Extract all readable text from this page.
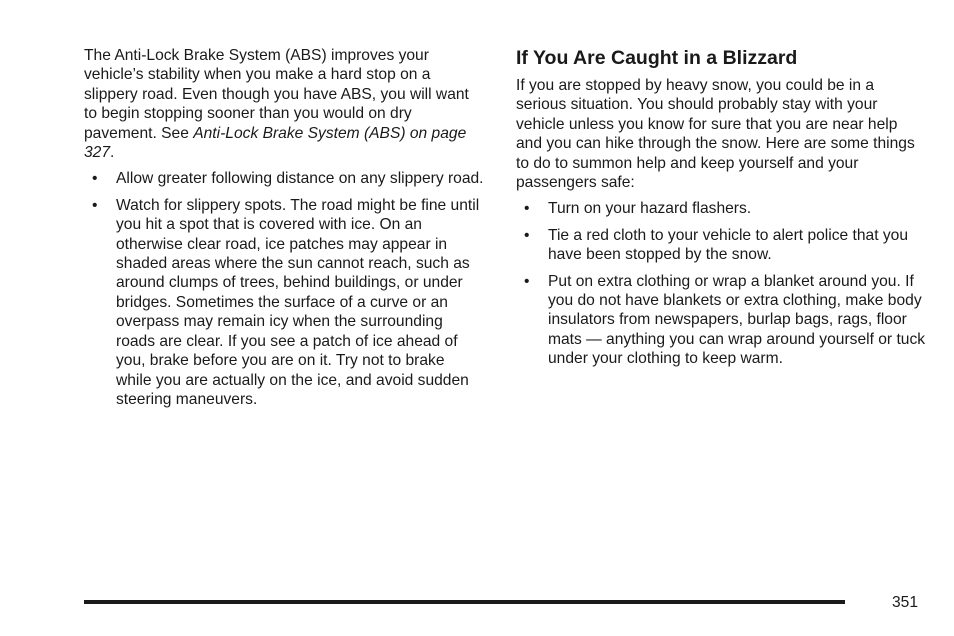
The Anti-Lock Brake System (ABS) improves your vehicle’s stability when you make a hard stop on a slippery road. Even though you have ABS, you will want to begin stopping sooner than you would on dry pavement. See Anti-Lock Brake System (ABS) on page 327.

• Allow greater following distance on any slippery road.
• Watch for slippery spots. The road might be fine until you hit a spot that is covered with ice. On an otherwise clear road, ice patches may appear in shaded areas where the sun cannot reach, such as around clumps of trees, behind buildings, or under bridges. Sometimes the surface of a curve or an overpass may remain icy when the surrounding roads are clear. If you see a patch of ice ahead of you, brake before you are on it. Try not to brake while you are actually on the ice, and avoid sudden steering maneuvers.
If You Are Caught in a Blizzard

If you are stopped by heavy snow, you could be in a serious situation. You should probably stay with your vehicle unless you know for sure that you are near help and you can hike through the snow. Here are some things to do to summon help and keep yourself and your passengers safe:

• Turn on your hazard flashers.
• Tie a red cloth to your vehicle to alert police that you have been stopped by the snow.
• Put on extra clothing or wrap a blanket around you. If you do not have blankets or extra clothing, make body insulators from newspapers, burlap bags, rags, floor mats — anything you can wrap around yourself or tuck under your clothing to keep warm.
351
